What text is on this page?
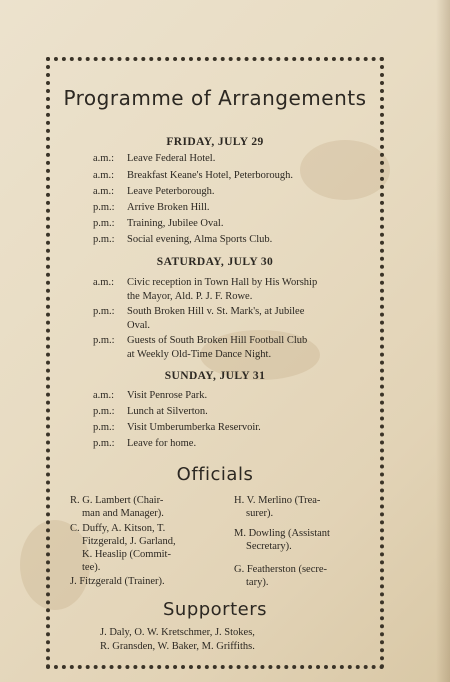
Programme of Arrangements
FRIDAY, JULY 29
a.m.: Leave Federal Hotel.
a.m.: Breakfast Keane's Hotel, Peterborough.
a.m.: Leave Peterborough.
p.m.: Arrive Broken Hill.
p.m.: Training, Jubilee Oval.
p.m.: Social evening, Alma Sports Club.
SATURDAY, JULY 30
a.m.: Civic reception in Town Hall by His Worship
the Mayor, Ald. P. J. F. Rowe.
p.m.: South Broken Hill v. St. Mark's, at Jubilee
Oval.
p.m.: Guests of South Broken Hill Football Club
at Weekly Old-Time Dance Night.
SUNDAY, JULY 31
a.m.: Visit Penrose Park.
p.m.: Lunch at Silverton.
p.m.: Visit Umberumberka Reservoir.
p.m.: Leave for home.
Officials
R. G. Lambert (Chair-
man and Manager).
C. Duffy, A. Kitson, T.
Fitzgerald, J. Garland,
K. Heaslip (Commit-
tee).
J. Fitzgerald (Trainer).
H. V. Merlino (Trea-
surer).
M. Dowling (Assistant
Secretary).
G. Featherston (secre-
tary).
Supporters
J. Daly, O. W. Kretschmer, J. Stokes,
R. Gransden, W. Baker, M. Griffiths.
